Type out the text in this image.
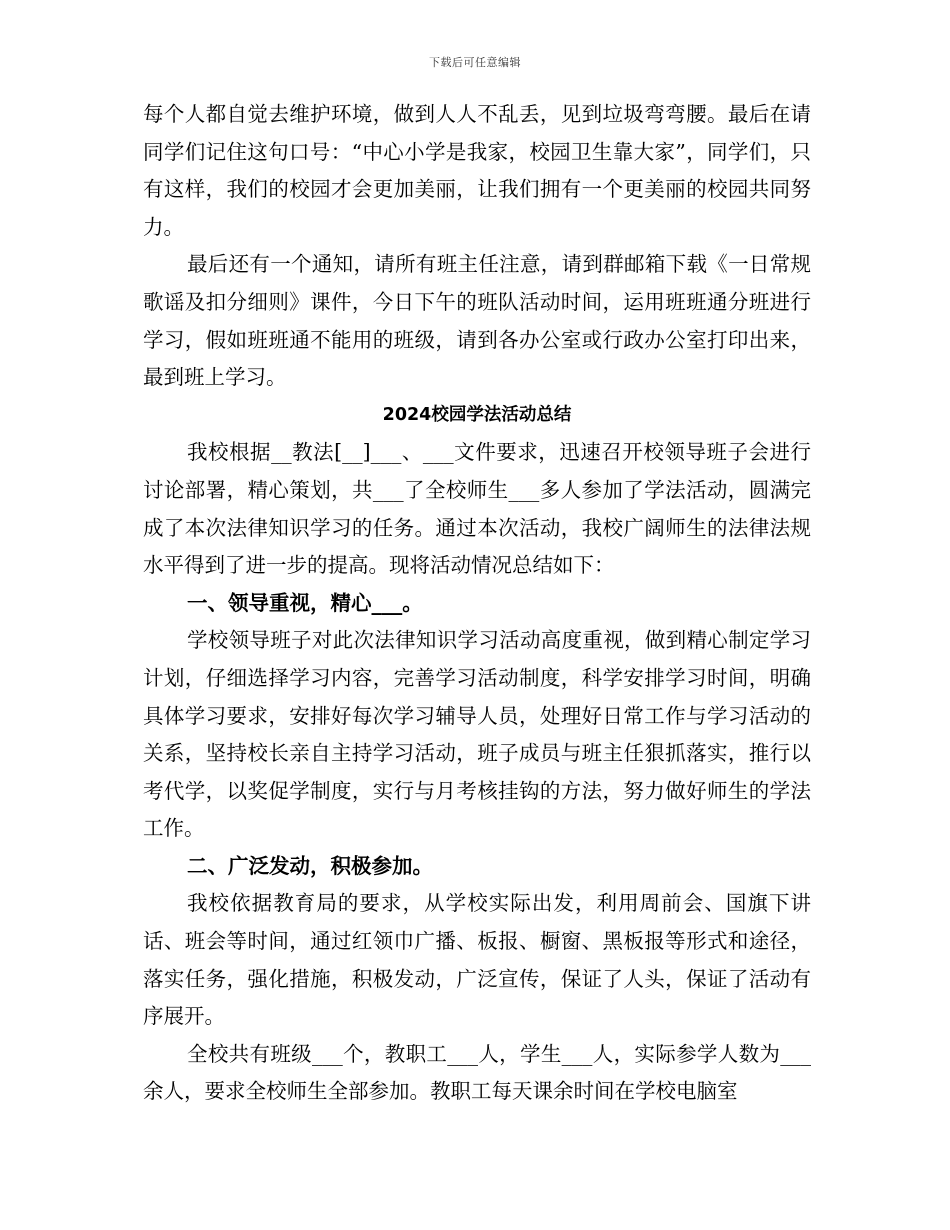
下载后可任意编辑

每个人都自觉去维护环境，做到人人不乱丢，见到垃圾弯弯腰。最后在请同学们记住这句口号：“中心小学是我家，校园卫生靠大家”，同学们，只有这样，我们的校园才会更加美丽，让我们拥有一个更美丽的校园共同努力。

最后还有一个通知，请所有班主任注意，请到群邮箱下载《一日常规歌谣及扣分细则》课件，今日下午的班队活动时间，运用班班通分班进行学习，假如班班通不能用的班级，请到各办公室或行政办公室打印出来，最到班上学习。

2024校园学法活动总结

我校根据__教法[__]___、___文件要求，迅速召开校领导班子会进行讨论部署，精心策划，共___了全校师生___多人参加了学法活动，圆满完成了本次法律知识学习的任务。通过本次活动，我校广阔师生的法律法规水平得到了进一步的提高。现将活动情况总结如下：

一、领导重视，精心___。

学校领导班子对此次法律知识学习活动高度重视，做到精心制定学习计划，仔细选择学习内容，完善学习活动制度，科学安排学习时间，明确具体学习要求，安排好每次学习辅导人员，处理好日常工作与学习活动的关系，坚持校长亲自主持学习活动，班子成员与班主任狠抓落实，推行以考代学，以奖促学制度，实行与月考核挂钩的方法，努力做好师生的学法工作。

二、广泛发动，积极参加。

我校依据教育局的要求，从学校实际出发，利用周前会、国旗下讲话、班会等时间，通过红领巾广播、板报、橱窗、黑板报等形式和途径，落实任务，强化措施，积极发动，广泛宣传，保证了人头，保证了活动有序展开。

全校共有班级___个，教职工___人，学生___人，实际参学人数为___余人，要求全校师生全部参加。教职工每天课余时间在学校电脑室
